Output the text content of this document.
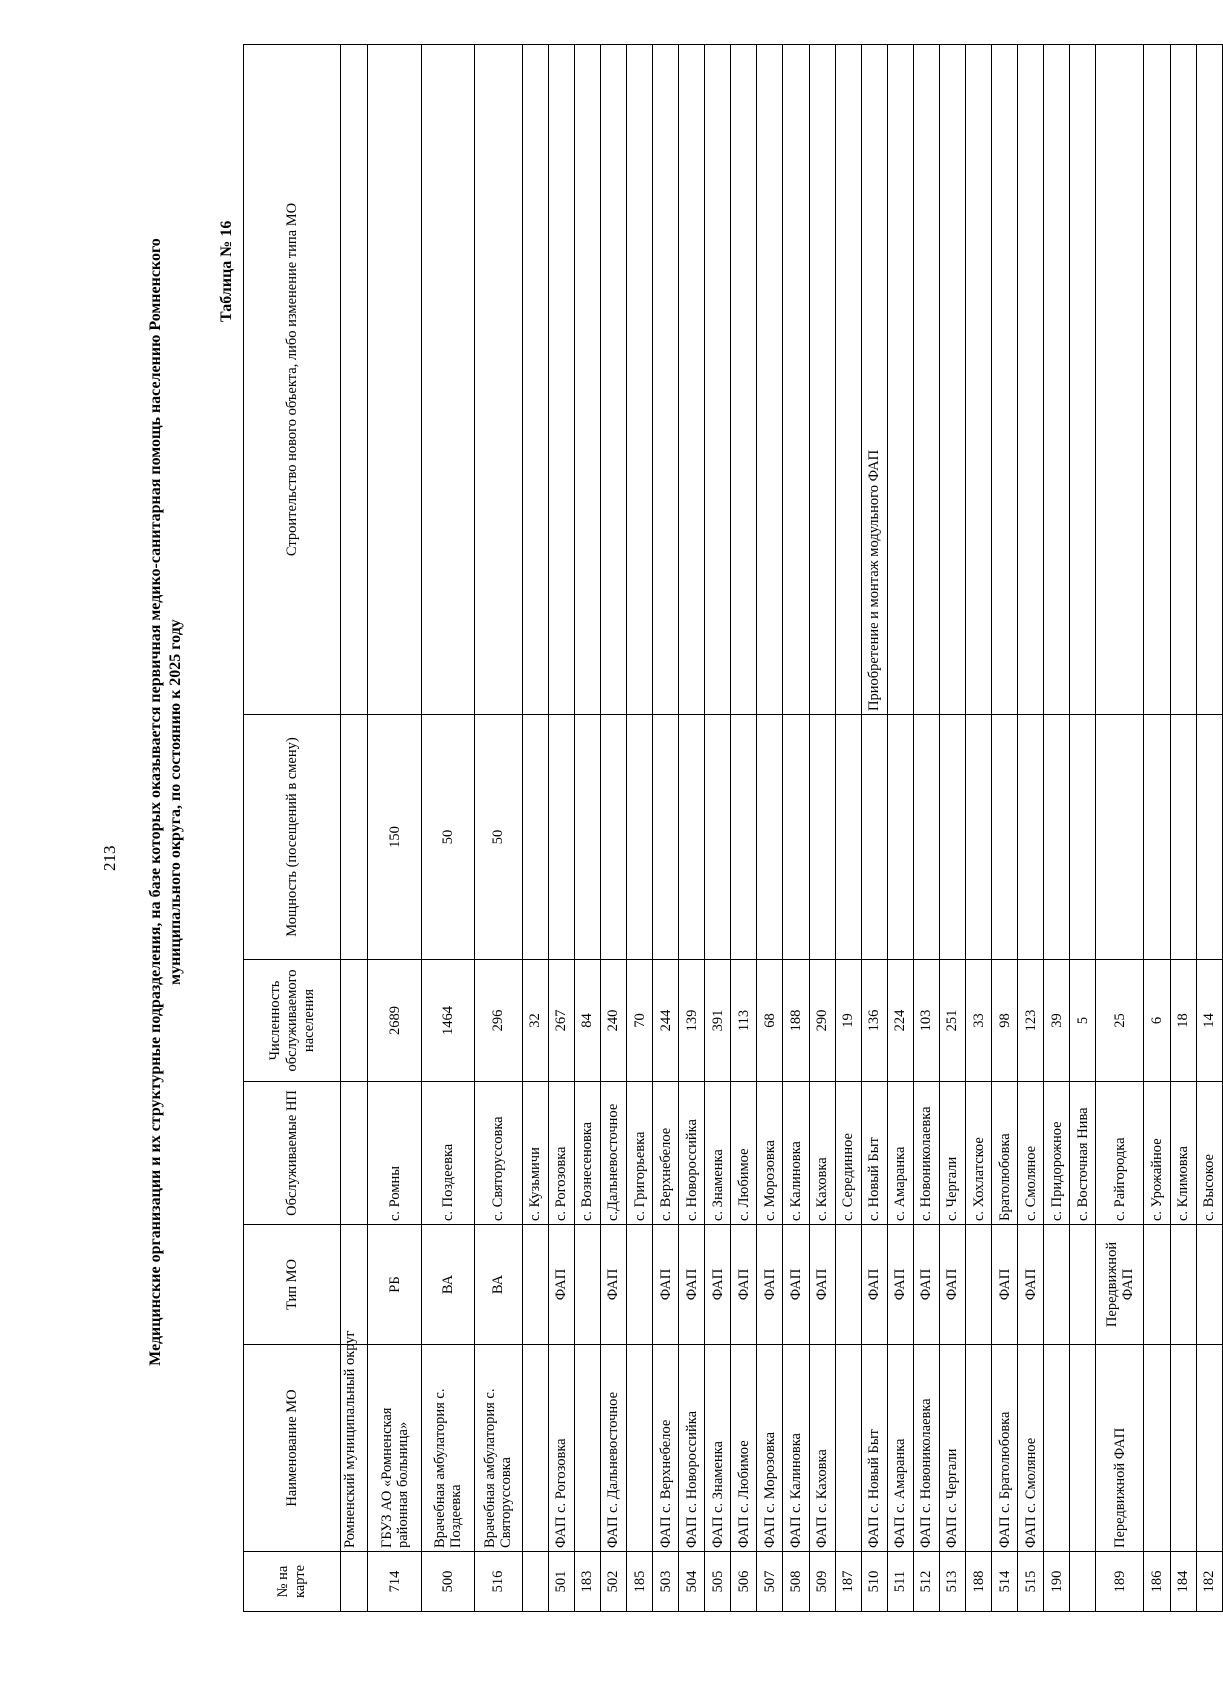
213 Медицинские организации и их структурные подразделения, на базе которых оказывается первичная медико-санитарная помощь населению Ромненского муниципального округа, по состоянию к 2025 году
Таблица № 16
№ на карте	Наименование МО	Тип МО	Обслуживаемые НП	Численность обслуживаемого населения	Мощность (посещений в смену)	Строительство нового объекта, либо изменение типа МО
	Ромненский муниципальный округ					
714	ГБУЗ АО «Ромненская районная больница»	РБ	с. Ромны	2689	150	
500	Врачебная амбулатория с. Поздеевка	ВА	с. Поздеевка	1464	50	
516	Врачебная амбулатория с. Святоруссовка	ВА	с. Святоруссовка	296	50	
			с. Кузьмичи	32		
501	ФАП с. Рогозовка	ФАП	с. Рогозовка	267		
183			с. Вознесеновка	84		
502	ФАП с. Дальневосточное	ФАП	с.Дальневосточное	240		
185			с. Григорьевка	70		
503	ФАП с. Верхнебелое	ФАП	с. Верхнебелое	244		
504	ФАП с. Новороссийка	ФАП	с. Новороссийка	139		
505	ФАП с. Знаменка	ФАП	с. Знаменка	391		
506	ФАП с. Любимое	ФАП	с. Любимое	113		
507	ФАП с. Морозовка	ФАП	с. Морозовка	68		
508	ФАП с. Калиновка	ФАП	с. Калиновка	188		
509	ФАП с. Каховка	ФАП	с. Каховка	290		
187			с. Серединное	19		
510	ФАП с. Новый Быт	ФАП	с. Новый Быт	136		Приобретение и монтаж модульного ФАП
511	ФАП с. Амаранка	ФАП	с. Амаранка	224		
512	ФАП с. Новониколаевка	ФАП	с. Новониколаевка	103		
513	ФАП с. Чергали	ФАП	с. Чергали	251		
188			с. Хохлатское	33		
514	ФАП с. Братолюбовка	ФАП	Братолюбовка	98		
515	ФАП с. Смоляное	ФАП	с. Смоляное	123		
190			с. Придорожное	39		
			с. Восточная Нива	5		
189	Передвижной ФАП	Передвижной ФАП	с. Райгородка	25		
186			с. Урожайное	6		
184			с. Климовка	18		
182			с. Высокое	14		
